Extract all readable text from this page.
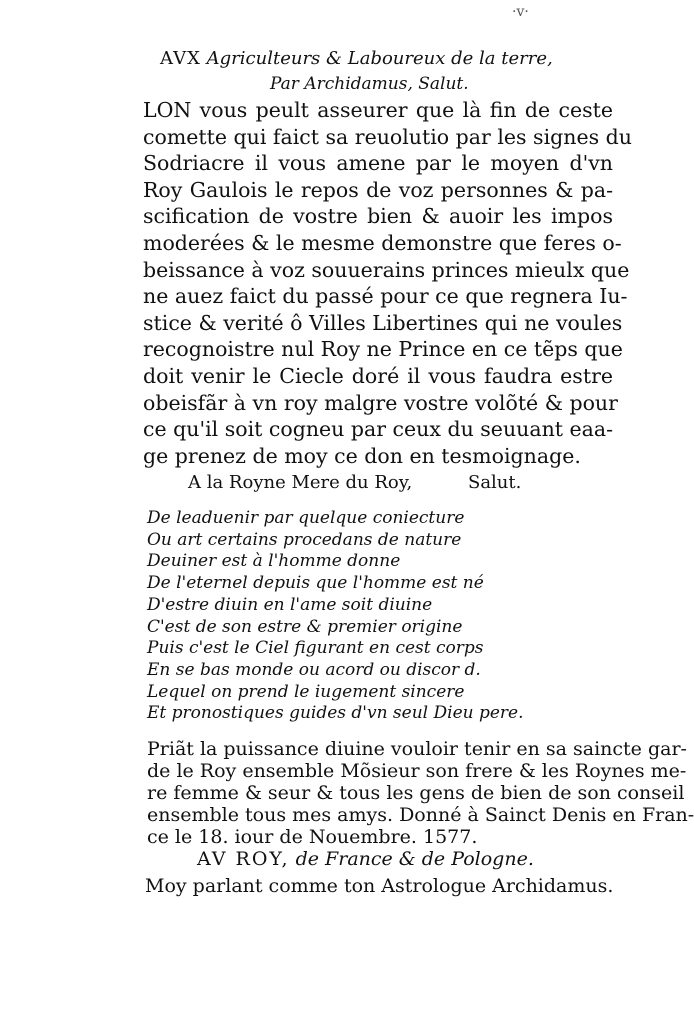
·v·
AVX Agriculteurs & Laboureux de la terre,
Par Archidamus, Salut.
LON vous peult asseurer que là fin de ceste
comette qui faict sa reuolutio par les signes du
Sodriacre il vous amene par le moyen d'vn
Roy Gaulois le repos de voz personnes & pa-
scification de vostre bien & auoir les impos
moderées & le mesme demonstre que feres o-
beissance à voz souuerains princes mieulx que
ne auez faict du passé pour ce que regnera Iu-
stice & verité ô Villes Libertines qui ne voules
recognoistre nul Roy ne Prince en ce tẽps que
doit venir le Ciecle doré il vous faudra estre
obeisfãr à vn roy malgre vostre volõté & pour
ce qu'il soit cogneu par ceux du seuuant eaa-
ge prenez de moy ce don en tesmoignage.
A la Royne Mere du Roy,	Salut.
De leaduenir par quelque coniecture
Ou art certains procedans de nature
Deuiner est à l'homme donne
De l'eternel depuis que l'homme est né
D'estre diuin en l'ame soit diuine
C'est de son estre & premier origine
Puis c'est le Ciel figurant en cest corps
En se bas monde ou acord ou discor d.
Lequel on prend le iugement sincere
Et pronostiques guides d'vn seul Dieu pere.
Priãt la puissance diuine vouloir tenir en sa saincte gar-
de le Roy ensemble Mõsieur son frere & les Roynes me-
re femme & seur & tous les gens de bien de son conseil
ensemble tous mes amys. Donné à Sainct Denis en Fran-
ce le 18. iour de Nouembre. 1577.
AV ROY, de France & de Pologne.
Moy parlant comme ton Astrologue Archidamus.
